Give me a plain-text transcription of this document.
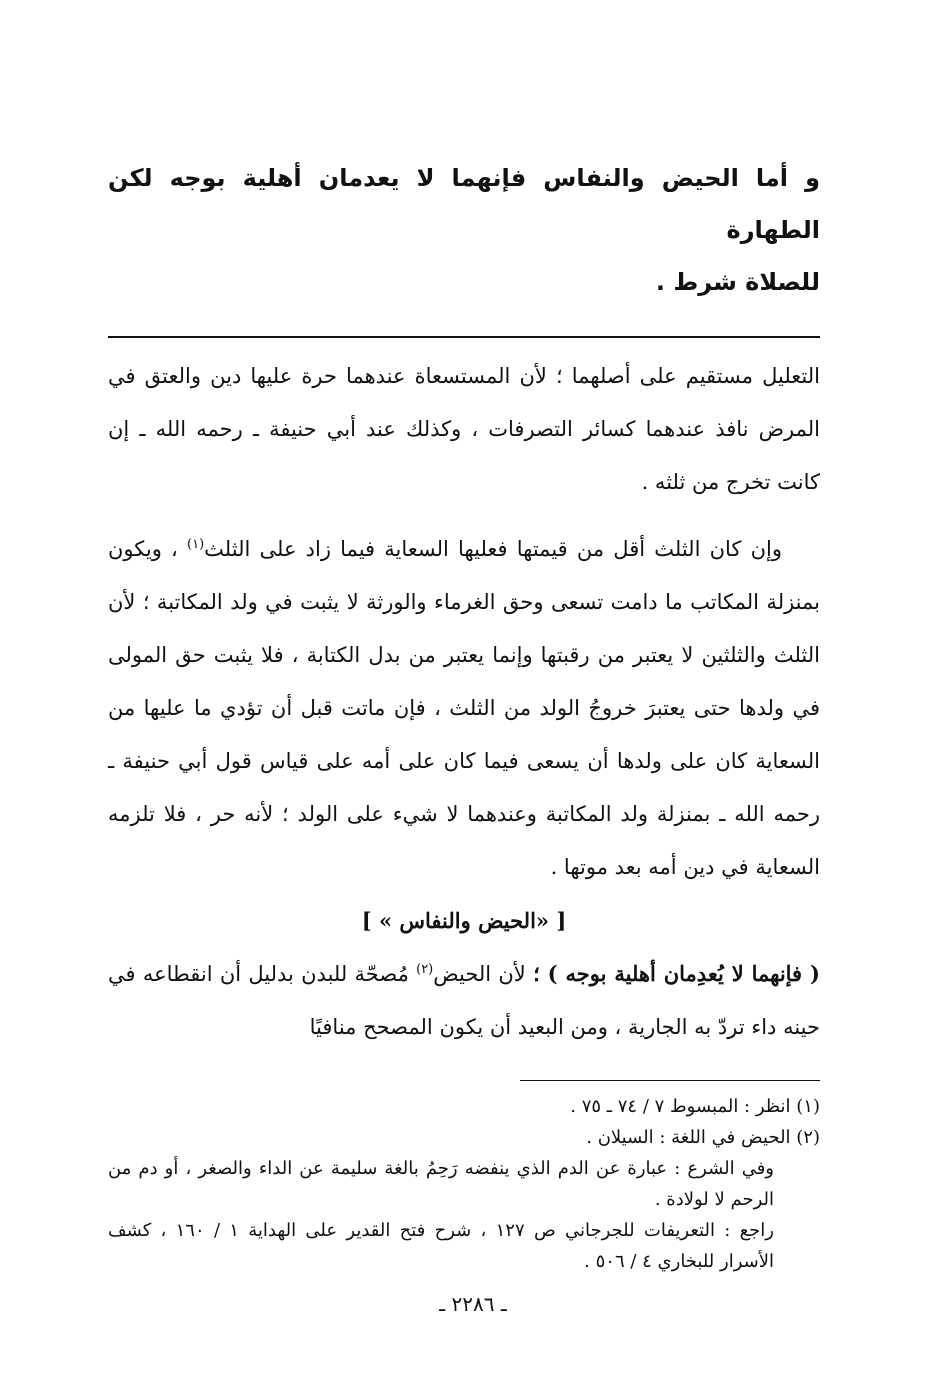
و أما الحيض والنفاس فإنهما لا يعدمان أهلية بوجه لكن الطهارة
للصلاة شرط .

التعليل مستقيم على أصلهما ؛ لأن المستسعاة عندهما حرة عليها دين والعتق في المرض نافذ عندهما كسائر التصرفات ، وكذلك عند أبي حنيفة ـ رحمه الله ـ إن كانت تخرج من ثلثه .

وإن كان الثلث أقل من قيمتها فعليها السعاية فيما زاد على الثلث$^{(١)}$ ، ويكون بمنزلة المكاتب ما دامت تسعى وحق الغرماء والورثة لا يثبت في ولد المكاتبة ؛ لأن الثلث والثلثين لا يعتبر من رقبتها وإنما يعتبر من بدل الكتابة ، فلا يثبت حق المولى في ولدها حتى يعتبرَ خروجُ الولد من الثلث ، فإن ماتت قبل أن تؤدي ما عليها من السعاية كان على ولدها أن يسعى فيما كان على أمه على قياس قول أبي حنيفة ـ رحمه الله ـ بمنزلة ولد المكاتبة وعندهما لا شيء على الولد ؛ لأنه حر ، فلا تلزمه السعاية في دين أمه بعد موتها .

[ «الحيض والنفاس » ]

( فإنهما لا يُعدِمان أهلية بوجه ) ؛ لأن الحيض$^{(٢)}$ مُصحّة للبدن بدليل أن انقطاعه في حينه داء تردّ به الجارية ، ومن البعيد أن يكون المصحح منافيًا

(١) انظر : المبسوط ٧ / ٧٤ ـ ٧٥ .

(٢) الحيض في اللغة : السيلان .

وفي الشرع : عبارة عن الدم الذي ينفضه رَحِمُ بالغة سليمة عن الداء والصغر ، أو دم من الرحم لا لولادة .

راجع : التعريفات للجرجاني ص ١٢٧ ، شرح فتح القدير على الهداية ١ / ١٦٠ ، كشف الأسرار للبخاري ٤ / ٥٠٦ .

ـ ٢٢٨٦ ـ
